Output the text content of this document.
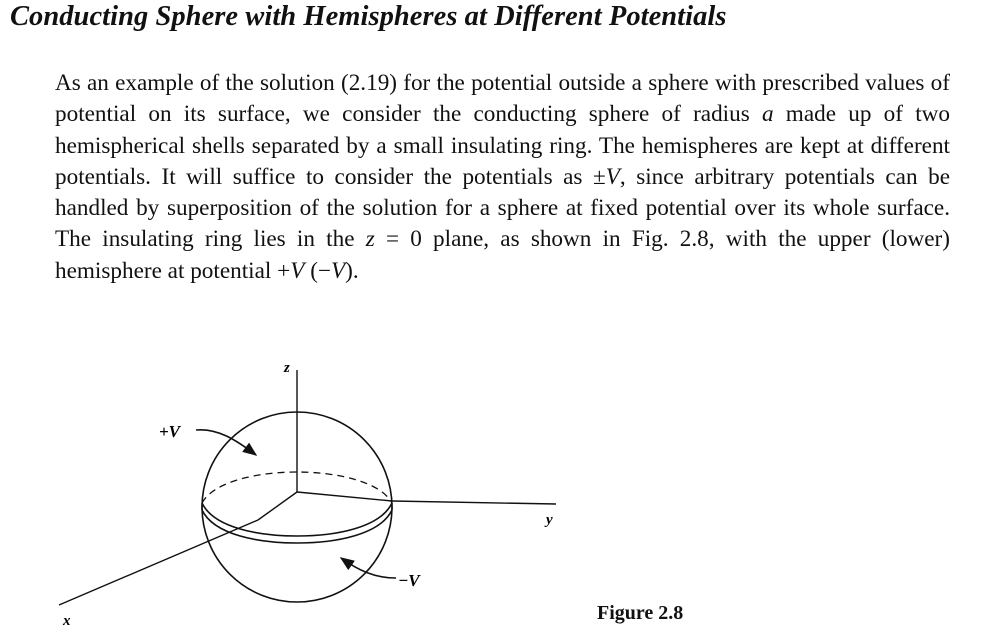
Conducting Sphere with Hemispheres at Different Potentials

As an example of the solution (2.19) for the potential outside a sphere with prescribed values of potential on its surface, we consider the conducting sphere of radius a made up of two hemispherical shells separated by a small insulating ring. The hemispheres are kept at different potentials. It will suffice to consider the potentials as ±V, since arbitrary potentials can be handled by superposition of the solution for a sphere at fixed potential over its whole surface. The insulating ring lies in the z = 0 plane, as shown in Fig. 2.8, with the upper (lower) hemisphere at potential +V (−V).

z
y
x
+V
−V

Figure 2.8
